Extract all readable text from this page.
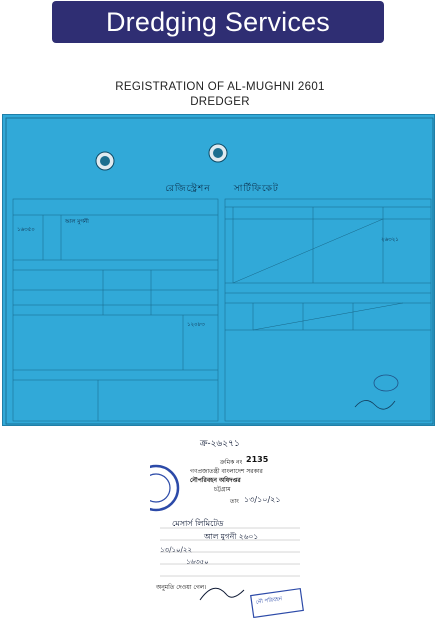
Dredging Services
REGISTRATION OF AL-MUGHNI 2601
DREDGER
রেজিস্ট্রেশন	সার্টিফিকেট
১৬৩৫০
আল মুগনী
১২০৮৩
২৬৩২১
ক্র-২৬২৭১
ক্রমিক নং 2135
গণপ্রজাতন্ত্রী বাংলাদেশ সরকার
নৌপরিবহন অধিদপ্তর
চট্টগ্রাম
তাং ১৩/১০/২১
মেসার্স লিমিটেড
আল মুগনী ২৬০১
১৩/১০/২২
১৬৩৫০
অনুমতি দেওয়া গেল।
নৌ পরিবহন
